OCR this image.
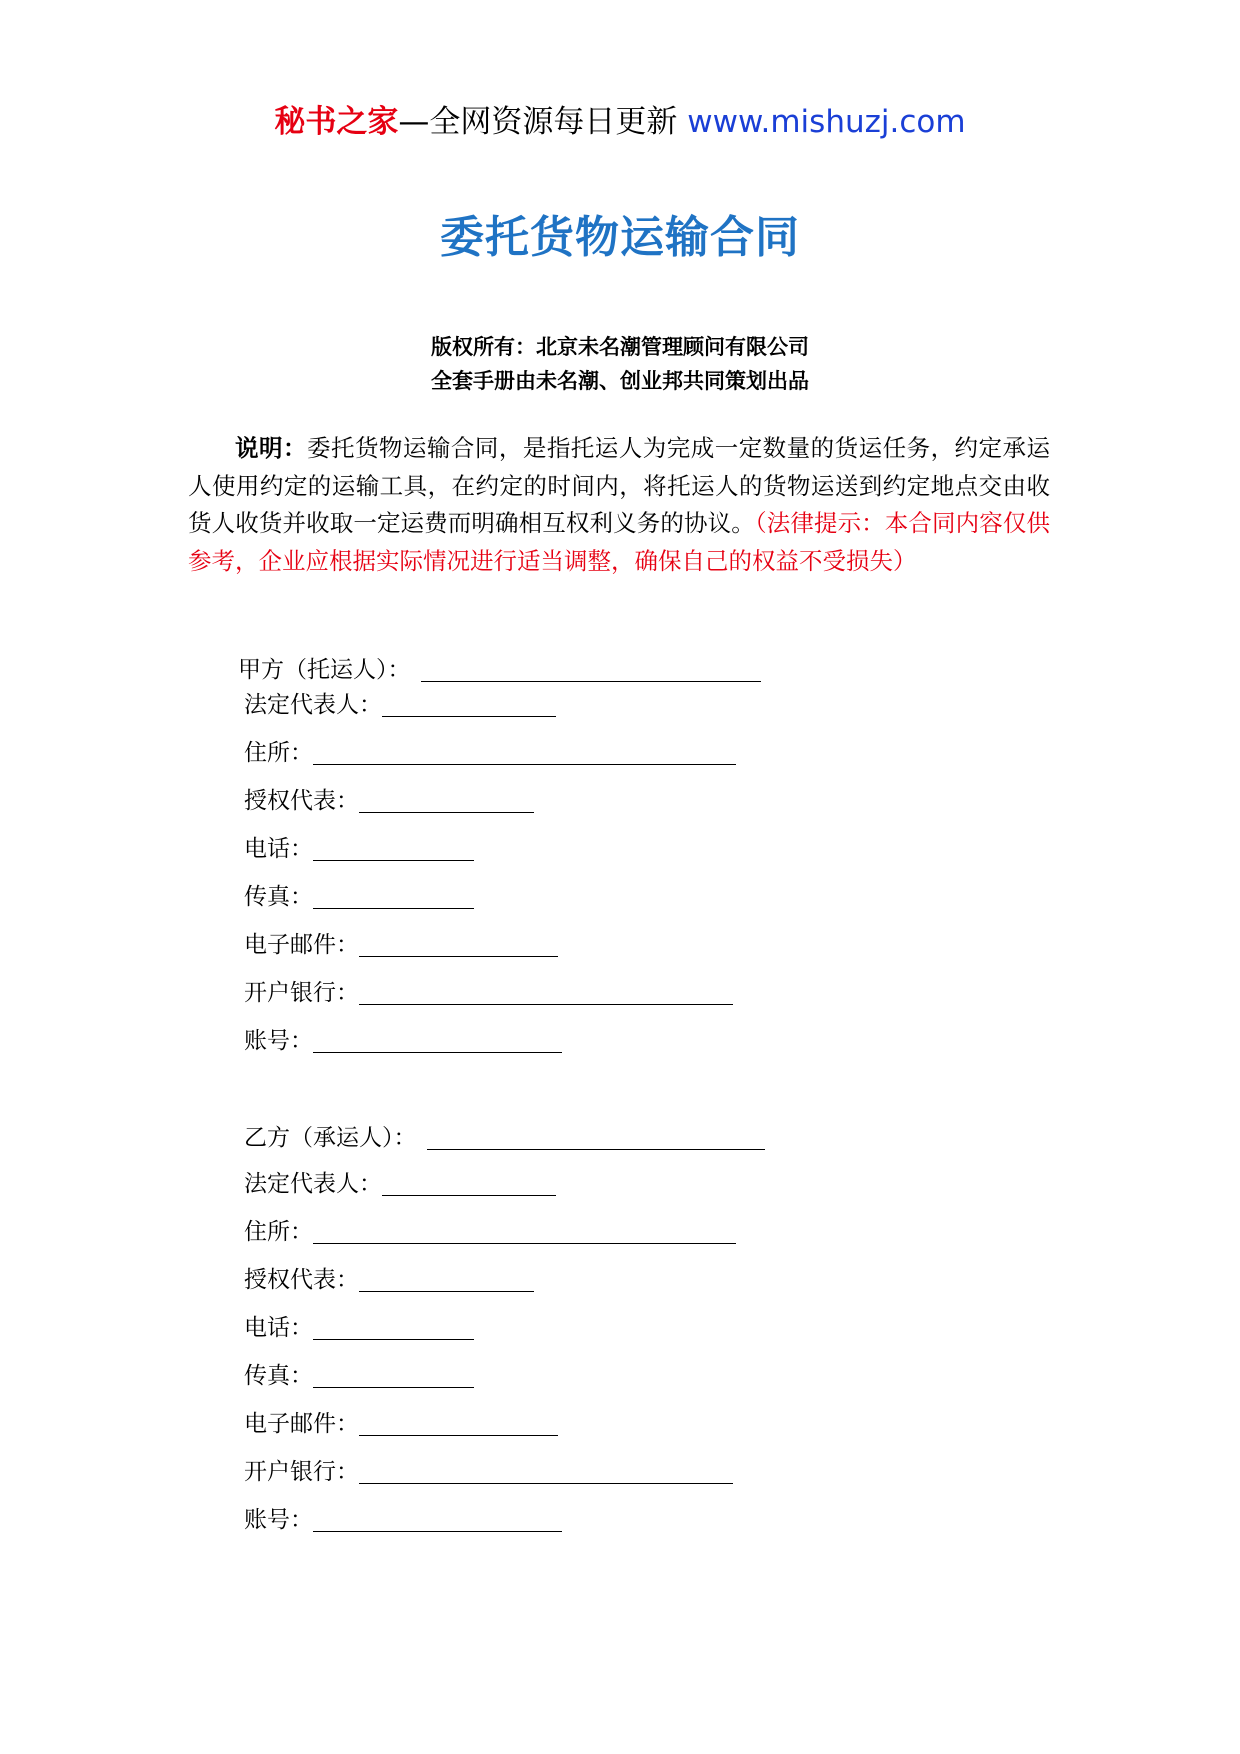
秘书之家—全网资源每日更新 www.mishuzj.com
委托货物运输合同
版权所有：北京未名潮管理顾问有限公司
全套手册由未名潮、创业邦共同策划出品
说明：委托货物运输合同，是指托运人为完成一定数量的货运任务，约定承运人使用约定的运输工具，在约定的时间内，将托运人的货物运送到约定地点交由收货人收货并收取一定运费而明确相互权利义务的协议。（法律提示：本合同内容仅供参考，企业应根据实际情况进行适当调整，确保自己的权益不受损失）
甲方（托运人）：
法定代表人：
住所：
授权代表：
电话：
传真：
电子邮件：
开户银行：
账号：
乙方（承运人）：
法定代表人：
住所：
授权代表：
电话：
传真：
电子邮件：
开户银行：
账号：
